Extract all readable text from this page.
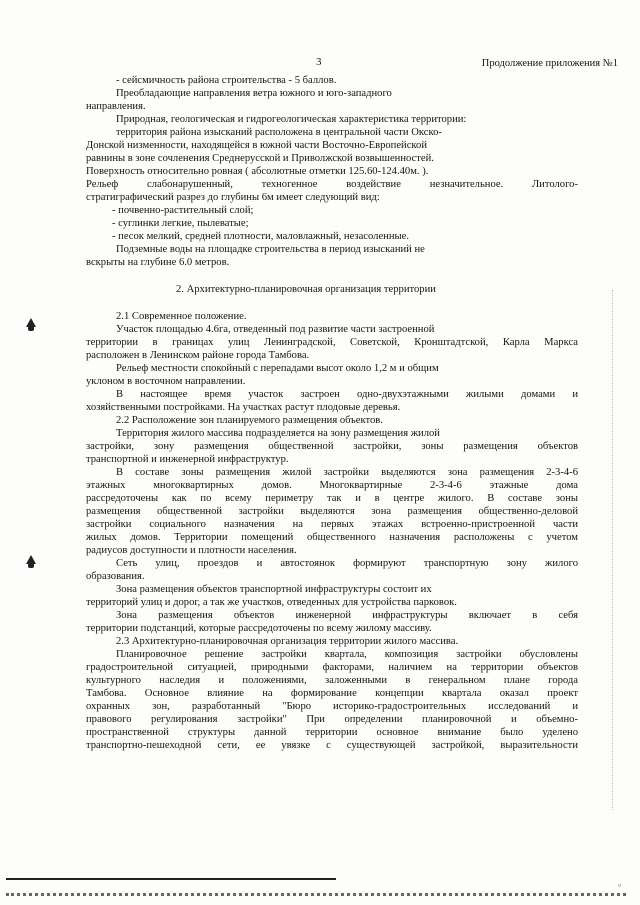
3	Продолжение приложения №1
- сейсмичность района строительства - 5 баллов.
Преобладающие направления ветра южного и юго-западного
направления.
Природная, геологическая и гидрогеологическая характеристика территории:
территория района изысканий расположена в центральной части Окско-
Донской низменности, находящейся в южной части Восточно-Европейской
равнины в зоне сочленения Среднерусской и Приволжской возвышенностей.
Поверхность относительно ровная ( абсолютные отметки 125.60-124.40м. ).
Рельеф слабонарушенный, техногенное воздействие незначительное. Литолого-
стратиграфический разрез до глубины 6м имеет следующий вид:
- почвенно-растительный слой;
- суглинки легкие, пылеватые;
- песок мелкий, средней плотности, маловлажный, незасоленные.
Подземные воды на площадке строительства в период изысканий не
вскрыты на глубине 6.0 метров.
2. Архитектурно-планировочная организация территории
2.1 Современное положение.
Участок площадью 4.6га, отведенный под развитие части застроенной
территории в границах улиц Ленинградской, Советской, Кронштадтской, Карла Маркса
расположен в Ленинском районе города Тамбова.
Рельеф местности спокойный с перепадами высот около 1,2 м и общим
уклоном в восточном направлении.
В настоящее время участок застроен одно-двухэтажными жилыми домами и
хозяйственными постройками. На участках растут плодовые деревья.
2.2 Расположение зон планируемого размещения объектов.
Территория жилого массива подразделяется на зону размещения жилой
застройки, зону размещения общественной застройки, зоны размещения объектов
транспортной и инженерной инфраструктур.
В составе зоны размещения жилой застройки выделяются зона размещения 2-3-4-6
этажных многоквартирных домов. Многоквартирные 2-3-4-6 этажные дома
рассредоточены как по всему периметру так и в центре жилого. В составе зоны
размещения общественной застройки выделяются зона размещения общественно-деловой
застройки социального назначения на первых этажах встроенно-пристроенной части
жилых домов. Территории помещений общественного назначения расположены с учетом
радиусов доступности и плотности населения.
Сеть улиц, проездов и автостоянок формируют транспортную зону жилого
образования.
Зона размещения объектов транспортной инфраструктуры состоит их
территорий улиц и дорог, а так же участков, отведенных для устройства парковок.
Зона размещения объектов инженерной инфраструктуры включает в себя
территории подстанций, которые рассредоточены по всему жилому массиву.
2.3 Архитектурно-планировочная организация территории жилого массива.
Планировочное решение застройки квартала, композиция застройки обусловлены
градостроительной ситуацией, природными факторами, наличием на территории объектов
культурного наследия и положениями, заложенными в генеральном плане города
Тамбова. Основное влияние на формирование концепции квартала оказал проект
охранных зон, разработанный "Бюро историко-градостроительных исследований и
правового регулирования застройки" При определении планировочной и объемно-
пространственной структуры данной территории основное внимание было уделено
транспортно-пешеходной сети, ее увязке с существующей застройкой, выразительности
▫
